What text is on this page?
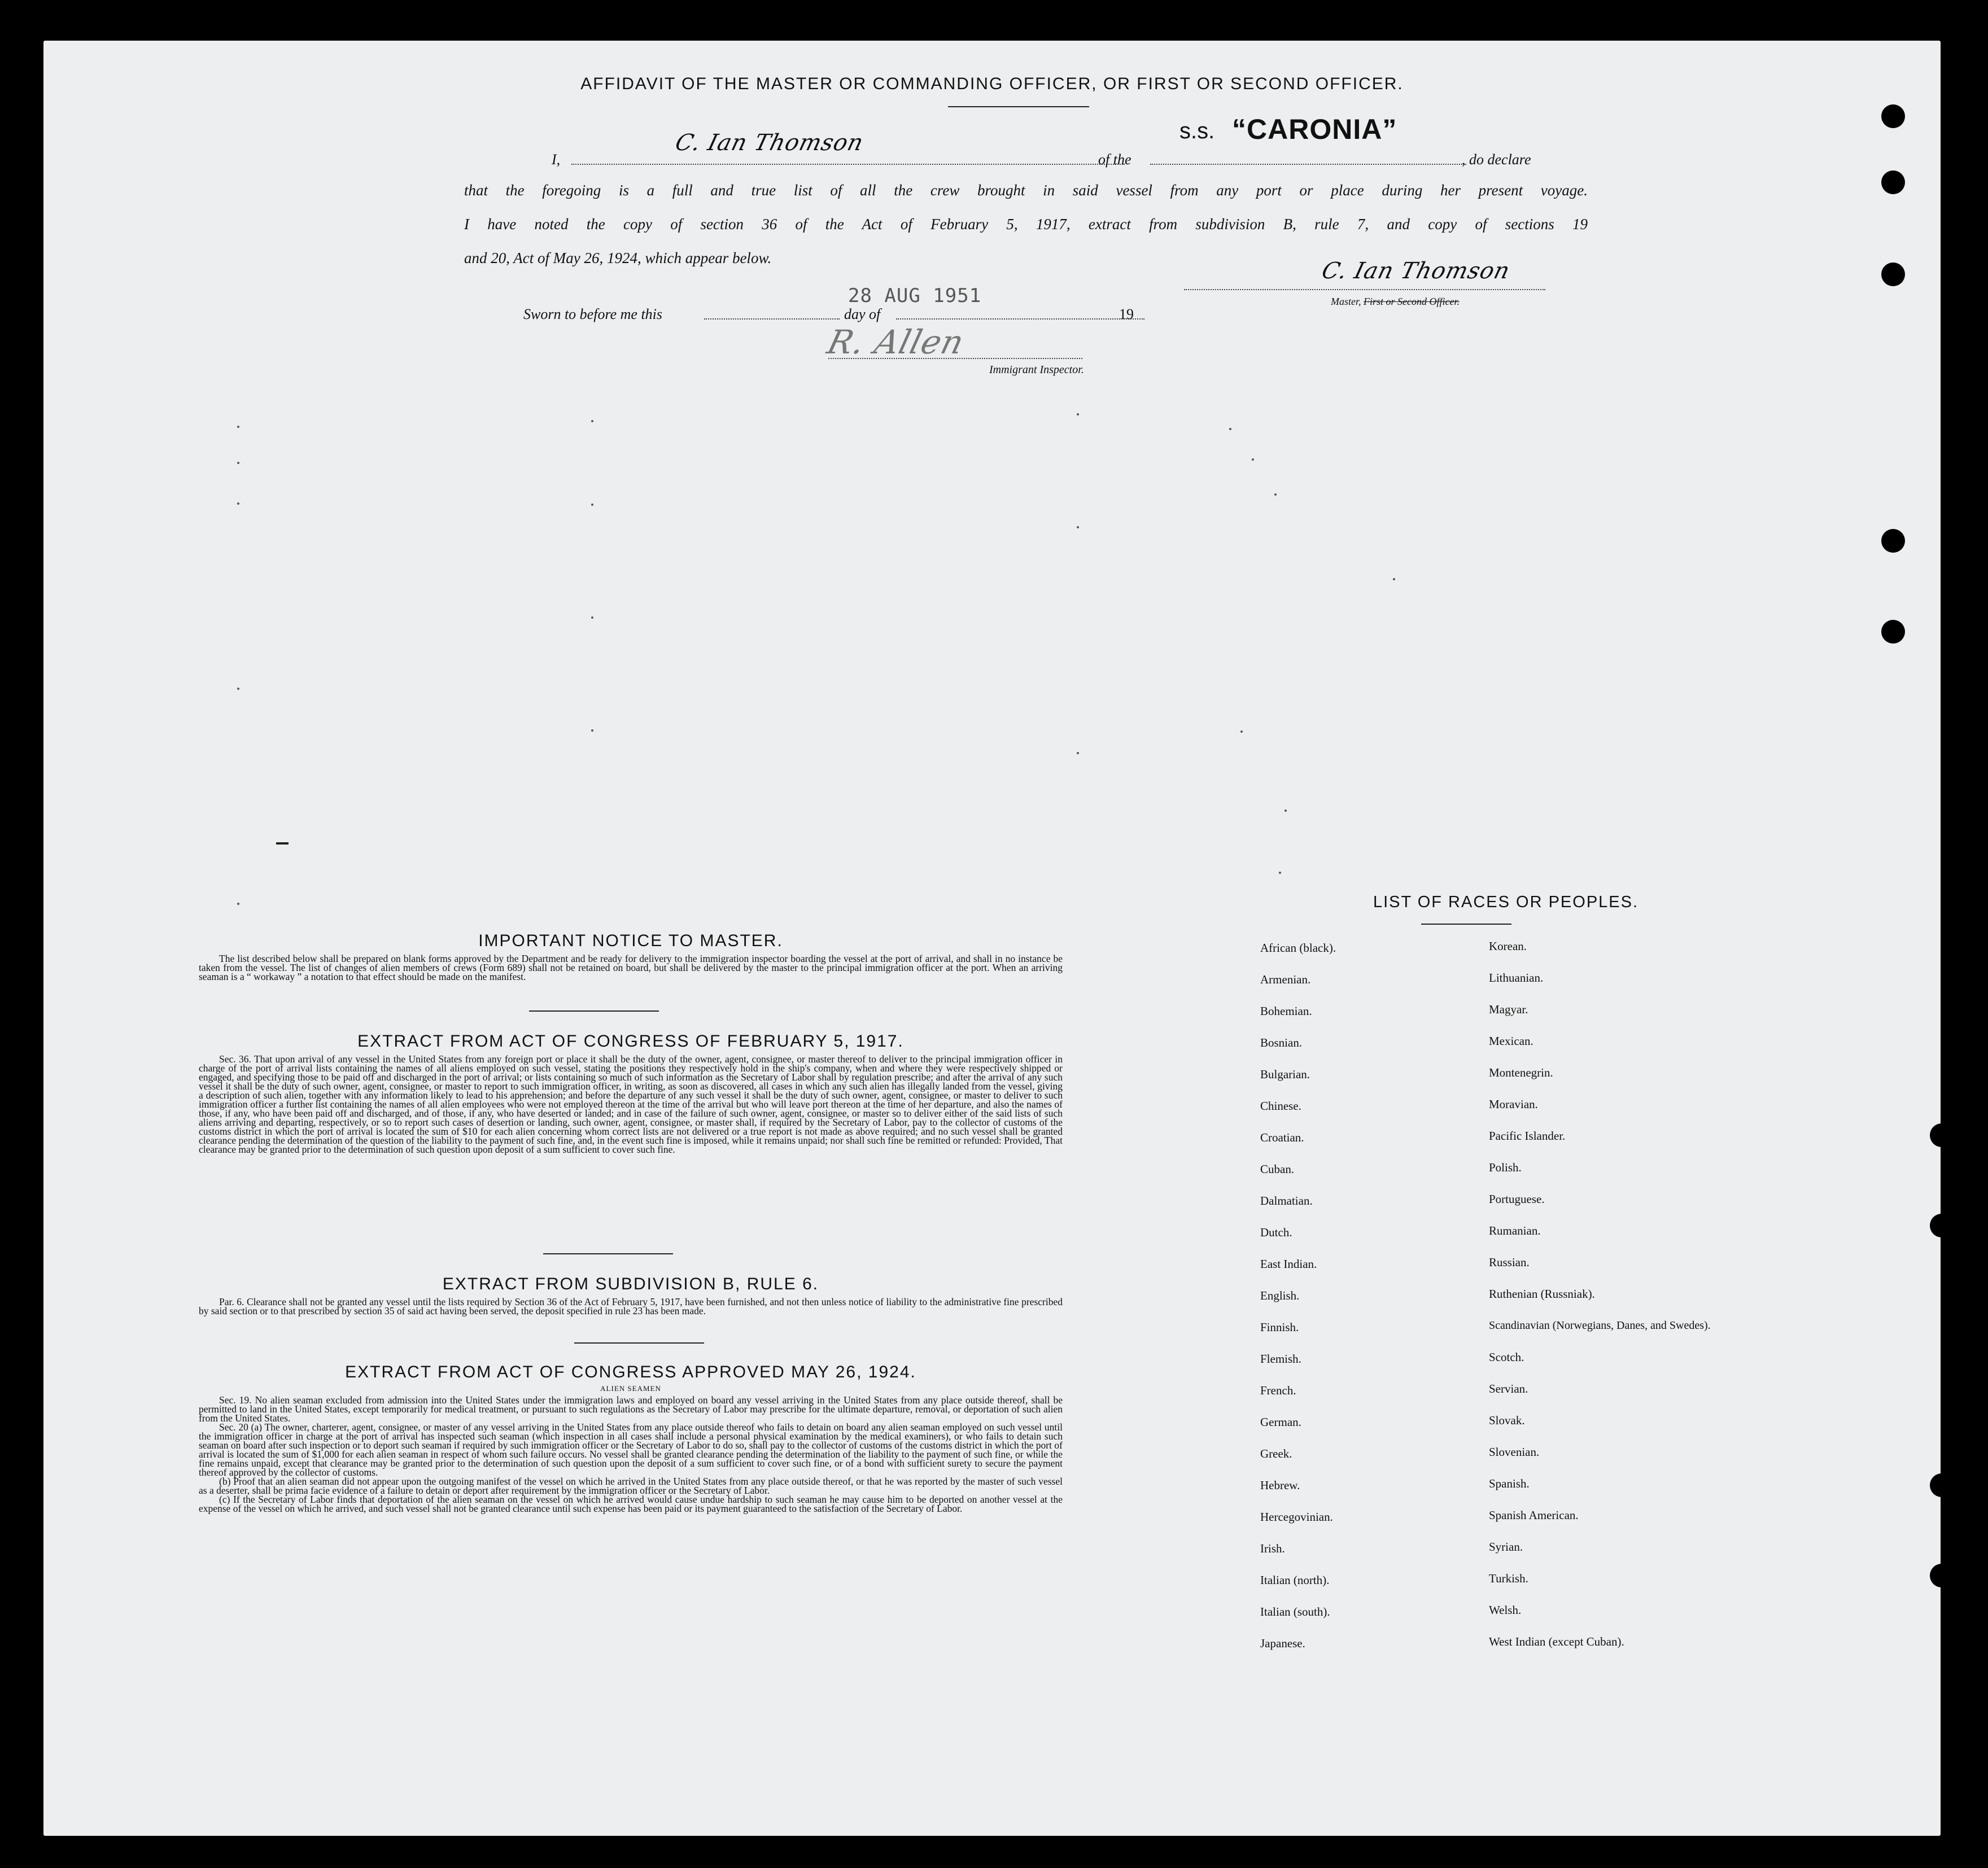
AFFIDAVIT OF THE MASTER OR COMMANDING OFFICER, OR FIRST OR SECOND OFFICER.
I,
C. Ian Thomson
of the
s.s. “CARONIA”
, do declare
that the foregoing is a full and true list of all the crew brought in said vessel from any port or place during her present voyage.
I have noted the copy of section 36 of the Act of February 5, 1917, extract from subdivision B, rule 7, and copy of sections 19
and 20, Act of May 26, 1924, which appear below.	C. Ian Thomson
Master, First or Second Officer.
Sworn to before me this
28 AUG 1951
day of	19
R. Allen
Immigrant Inspector.
IMPORTANT NOTICE TO MASTER.
The list described below shall be prepared on blank forms approved by the Department and be ready for delivery to the immigration inspector boarding the vessel at the port of arrival, and shall in no instance be taken from the vessel. The list of changes of alien members of crews (Form 689) shall not be retained on board, but shall be delivered by the master to the principal immigration officer at the port. When an arriving seaman is a “ workaway ” a notation to that effect should be made on the manifest.
EXTRACT FROM ACT OF CONGRESS OF FEBRUARY 5, 1917.
Sec. 36. That upon arrival of any vessel in the United States from any foreign port or place it shall be the duty of the owner, agent, consignee, or master thereof to deliver to the principal immigration officer in charge of the port of arrival lists containing the names of all aliens employed on such vessel, stating the positions they respectively hold in the ship's company, when and where they were respectively shipped or engaged, and specifying those to be paid off and discharged in the port of arrival; or lists containing so much of such information as the Secretary of Labor shall by regulation prescribe; and after the arrival of any such vessel it shall be the duty of such owner, agent, consignee, or master to report to such immigration officer, in writing, as soon as discovered, all cases in which any such alien has illegally landed from the vessel, giving a description of such alien, together with any information likely to lead to his apprehension; and before the departure of any such vessel it shall be the duty of such owner, agent, consignee, or master to deliver to such immigration officer a further list containing the names of all alien employees who were not employed thereon at the time of the arrival but who will leave port thereon at the time of her departure, and also the names of those, if any, who have been paid off and discharged, and of those, if any, who have deserted or landed; and in case of the failure of such owner, agent, consignee, or master so to deliver either of the said lists of such aliens arriving and departing, respectively, or so to report such cases of desertion or landing, such owner, agent, consignee, or master shall, if required by the Secretary of Labor, pay to the collector of customs of the customs district in which the port of arrival is located the sum of $10 for each alien concerning whom correct lists are not delivered or a true report is not made as above required; and no such vessel shall be granted clearance pending the determination of the question of the liability to the payment of such fine, and, in the event such fine is imposed, while it remains unpaid; nor shall such fine be remitted or refunded: Provided, That clearance may be granted prior to the determination of such question upon deposit of a sum sufficient to cover such fine.
EXTRACT FROM SUBDIVISION B, RULE 6.
Par. 6. Clearance shall not be granted any vessel until the lists required by Section 36 of the Act of February 5, 1917, have been furnished, and not then unless notice of liability to the administrative fine prescribed by said section or to that prescribed by section 35 of said act having been served, the deposit specified in rule 23 has been made.
EXTRACT FROM ACT OF CONGRESS APPROVED MAY 26, 1924.
ALIEN SEAMEN
Sec. 19. No alien seaman excluded from admission into the United States under the immigration laws and employed on board any vessel arriving in the United States from any place outside thereof, shall be permitted to land in the United States, except temporarily for medical treatment, or pursuant to such regulations as the Secretary of Labor may prescribe for the ultimate departure, removal, or deportation of such alien from the United States.
Sec. 20 (a) The owner, charterer, agent, consignee, or master of any vessel arriving in the United States from any place outside thereof who fails to detain on board any alien seaman employed on such vessel until the immigration officer in charge at the port of arrival has inspected such seaman (which inspection in all cases shall include a personal physical examination by the medical examiners), or who fails to detain such seaman on board after such inspection or to deport such seaman if required by such immigration officer or the Secretary of Labor to do so, shall pay to the collector of customs of the customs district in which the port of arrival is located the sum of $1,000 for each alien seaman in respect of whom such failure occurs. No vessel shall be granted clearance pending the determination of the liability to the payment of such fine, or while the fine remains unpaid, except that clearance may be granted prior to the determination of such question upon the deposit of a sum sufficient to cover such fine, or of a bond with sufficient surety to secure the payment thereof approved by the collector of customs.
(b) Proof that an alien seaman did not appear upon the outgoing manifest of the vessel on which he arrived in the United States from any place outside thereof, or that he was reported by the master of such vessel as a deserter, shall be prima facie evidence of a failure to detain or deport after requirement by the immigration officer or the Secretary of Labor.
(c) If the Secretary of Labor finds that deportation of the alien seaman on the vessel on which he arrived would cause undue hardship to such seaman he may cause him to be deported on another vessel at the expense of the vessel on which he arrived, and such vessel shall not be granted clearance until such expense has been paid or its payment guaranteed to the satisfaction of the Secretary of Labor.
LIST OF RACES OR PEOPLES.
African (black).
Armenian.
Bohemian.
Bosnian.
Bulgarian.
Chinese.
Croatian.
Cuban.
Dalmatian.
Dutch.
East Indian.
English.
Finnish.
Flemish.
French.
German.
Greek.
Hebrew.
Hercegovinian.
Irish.
Italian (north).
Italian (south).
Japanese.
Korean.
Lithuanian.
Magyar.
Mexican.
Montenegrin.
Moravian.
Pacific Islander.
Polish.
Portuguese.
Rumanian.
Russian.
Ruthenian (Russniak).
Scandinavian (Norwegians, Danes, and Swedes).
Scotch.
Servian.
Slovak.
Slovenian.
Spanish.
Spanish American.
Syrian.
Turkish.
Welsh.
West Indian (except Cuban).
